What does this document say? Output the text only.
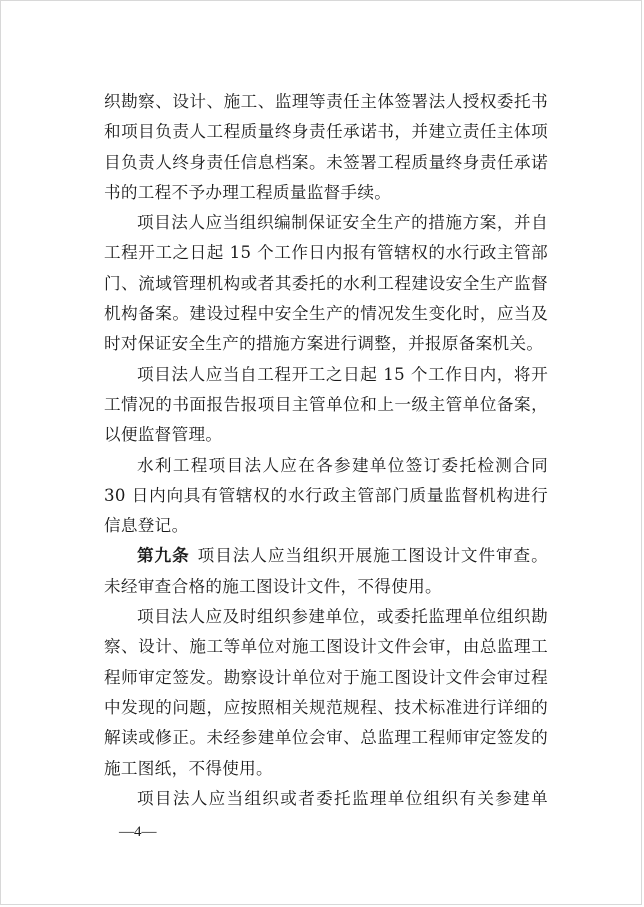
织勘察、设计、施工、监理等责任主体签署法人授权委托书
和项目负责人工程质量终身责任承诺书，并建立责任主体项
目负责人终身责任信息档案。未签署工程质量终身责任承诺
书的工程不予办理工程质量监督手续。
项目法人应当组织编制保证安全生产的措施方案，并自
工程开工之日起 15 个工作日内报有管辖权的水行政主管部
门、流域管理机构或者其委托的水利工程建设安全生产监督
机构备案。建设过程中安全生产的情况发生变化时，应当及
时对保证安全生产的措施方案进行调整，并报原备案机关。
项目法人应当自工程开工之日起 15 个工作日内，将开
工情况的书面报告报项目主管单位和上一级主管单位备案，
以便监督管理。
水利工程项目法人应在各参建单位签订委托检测合同
30 日内向具有管辖权的水行政主管部门质量监督机构进行
信息登记。
第九条 项目法人应当组织开展施工图设计文件审查。
未经审查合格的施工图设计文件，不得使用。
项目法人应及时组织参建单位，或委托监理单位组织勘
察、设计、施工等单位对施工图设计文件会审，由总监理工
程师审定签发。勘察设计单位对于施工图设计文件会审过程
中发现的问题，应按照相关规范规程、技术标准进行详细的
解读或修正。未经参建单位会审、总监理工程师审定签发的
施工图纸，不得使用。
项目法人应当组织或者委托监理单位组织有关参建单
—4—
